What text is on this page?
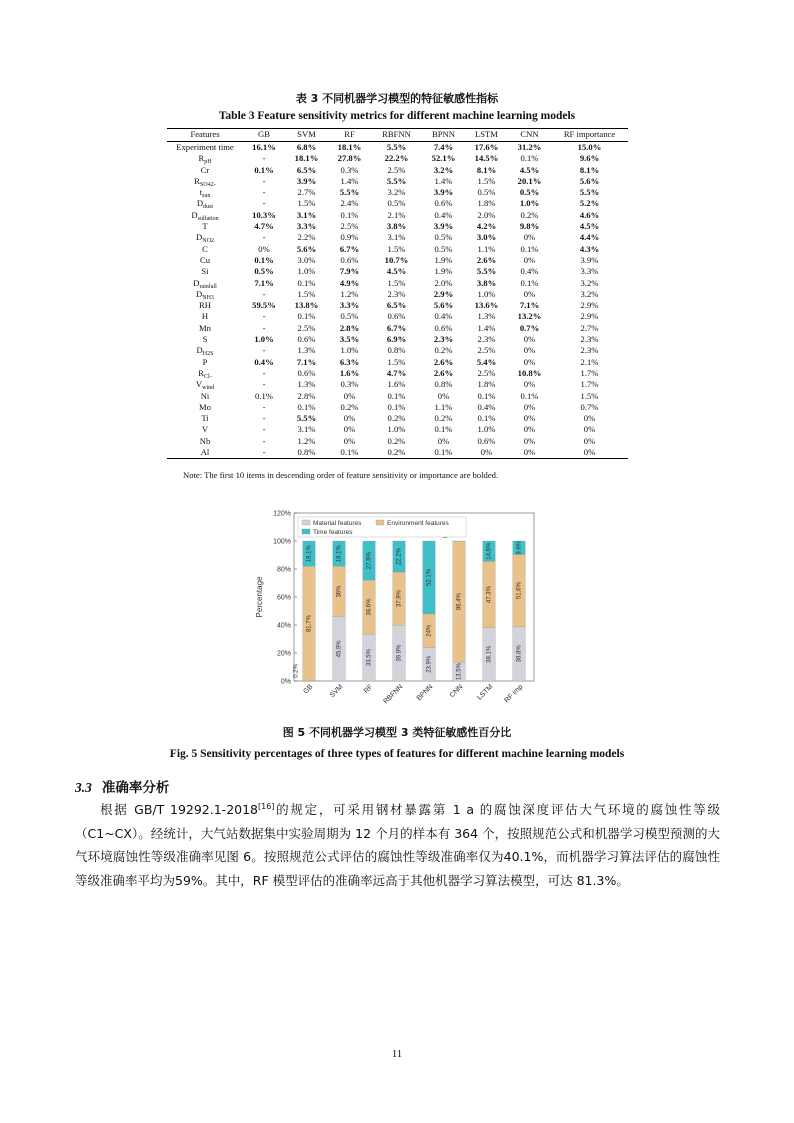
表 3 不同机器学习模型的特征敏感性指标
Table 3 Feature sensitivity metrics for different machine learning models
Features	GB	SVM	RF	RBFNN	BPNN	LSTM	CNN	RF importance
Experiment time	16.1%	6.8%	18.1%	5.5%	7.4%	17.6%	31.2%	15.0%
$R_{pH}$	-	18.1%	27.8%	22.2%	52.1%	14.5%	0.1%	9.6%
Cr	0.1%	6.5%	0.3%	2.5%	3.2%	8.1%	4.5%	8.1%
$R_{SO42-}$	-	3.9%	1.4%	5.5%	1.4%	1.5%	20.1%	5.6%
$t_{sun}$	-	2.7%	5.5%	3.2%	3.9%	0.5%	0.5%	5.5%
$D_{dust}$	-	1.5%	2.4%	0.5%	0.6%	1.8%	1.0%	5.2%
$D_{sulfation}$	10.3%	3.1%	0.1%	2.1%	0.4%	2.0%	0.2%	4.6%
T	4.7%	3.3%	2.5%	3.8%	3.9%	4.2%	9.8%	4.5%
$D_{NO2}$	-	2.2%	0.9%	3.1%	0.5%	3.0%	0%	4.4%
C	0%	5.6%	6.7%	1.5%	0.5%	1.1%	0.1%	4.3%
Cu	0.1%	3.0%	0.6%	10.7%	1.9%	2.6%	0%	3.9%
Si	0.5%	1.0%	7.9%	4.5%	1.9%	5.5%	0.4%	3.3%
$D_{rainfall}$	7.1%	0.1%	4.9%	1.5%	2.0%	3.8%	0.1%	3.2%
$D_{NH3}$	-	1.5%	1.2%	2.3%	2.9%	1.0%	0%	3.2%
RH	59.5%	13.8%	3.3%	6.5%	5.6%	13.6%	7.1%	2.9%
H	-	0.1%	0.5%	0.6%	0.4%	1.3%	13.2%	2.9%
Mn	-	2.5%	2.8%	6.7%	0.6%	1.4%	0.7%	2.7%
S	1.0%	0.6%	3.5%	6.9%	2.3%	2.3%	0%	2.3%
$D_{H2S}$	-	1.3%	1.0%	0.8%	0.2%	2.5%	0%	2.3%
P	0.4%	7.1%	6.3%	1.5%	2.6%	5.4%	0%	2.1%
$R_{Cl-}$	-	0.6%	1.6%	4.7%	2.6%	2.5%	10.8%	1.7%
$V_{wind}$	-	1.3%	0.3%	1.6%	0.8%	1.8%	0%	1.7%
Ni	0.1%	2.8%	0%	0.1%	0%	0.1%	0.1%	1.5%
Mo	-	0.1%	0.2%	0.1%	1.1%	0.4%	0%	0.7%
Ti	-	5.5%	0%	0.2%	0.2%	0.1%	0%	0%
V	-	3.1%	0%	1.0%	0.1%	1.0%	0%	0%
Nb	-	1.2%	0%	0.2%	0%	0.6%	0%	0%
Al	-	0.8%	0.1%	0.2%	0.1%	0%	0%	0%
Note: The first 10 items in descending order of feature sensitivity or importance are bolded.
0%
20%
40%
60%
80%
100%
120%
Percentage
81.7%
18.1%
GB
45.9%
36%
18.1%
SVM
33.5%
38.6%
27.8%
RF
39.9%
37.9%
22.2%
RBFNN
23.9%
24%
52.1%
BPNN
13.5%
86.4%
CNN
38.1%
47.3%
14.6%
LSTM
38.8%
51.6%
9.6%
RF imp
0.2%
Material features	Environment features
Time features
图 5 不同机器学习模型 3 类特征敏感性百分比
Fig. 5 Sensitivity percentages of three types of features for different machine learning models
3.3 准确率分析
根据 GB/T 19292.1-2018[16]的规定，可采用钢材暴露第 1 a 的腐蚀深度评估大气环境的腐蚀性等级（C1~CX）。经统计，大气站数据集中实验周期为 12 个月的样本有 364 个，按照规范公式和机器学习模型预测的大气环境腐蚀性等级准确率见图 6。按照规范公式评估的腐蚀性等级准确率仅为40.1%，而机器学习算法评估的腐蚀性等级准确率平均为59%。其中，RF 模型评估的准确率远高于其他机器学习算法模型，可达 81.3%。
11
